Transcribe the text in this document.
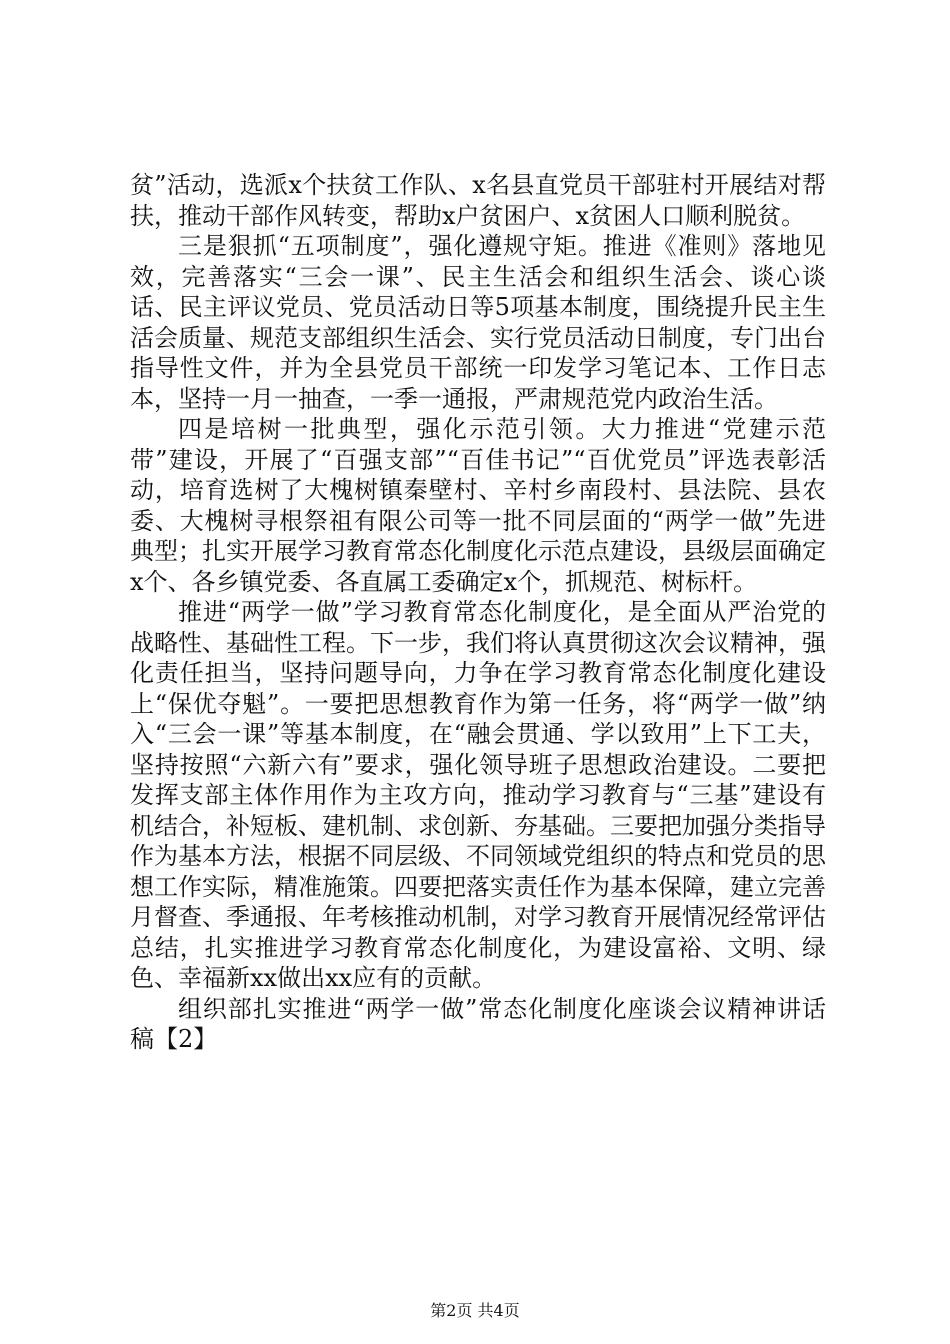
贫”活动，选派x个扶贫工作队、x名县直党员干部驻村开展结对帮扶，推动干部作风转变，帮助x户贫困户、x贫困人口顺利脱贫。

三是狠抓“五项制度”，强化遵规守矩。推进《准则》落地见效，完善落实“三会一课”、民主生活会和组织生活会、谈心谈话、民主评议党员、党员活动日等5项基本制度，围绕提升民主生活会质量、规范支部组织生活会、实行党员活动日制度，专门出台指导性文件，并为全县党员干部统一印发学习笔记本、工作日志本，坚持一月一抽查，一季一通报，严肃规范党内政治生活。

四是培树一批典型，强化示范引领。大力推进“党建示范带”建设，开展了“百强支部”“百佳书记”“百优党员”评选表彰活动，培育选树了大槐树镇秦壁村、辛村乡南段村、县法院、县农委、大槐树寻根祭祖有限公司等一批不同层面的“两学一做”先进典型；扎实开展学习教育常态化制度化示范点建设，县级层面确定x个、各乡镇党委、各直属工委确定x个，抓规范、树标杆。

推进“两学一做”学习教育常态化制度化，是全面从严治党的战略性、基础性工程。下一步，我们将认真贯彻这次会议精神，强化责任担当，坚持问题导向，力争在学习教育常态化制度化建设上“保优夺魁”。一要把思想教育作为第一任务，将“两学一做”纳入“三会一课”等基本制度，在“融会贯通、学以致用”上下工夫，坚持按照“六新六有”要求，强化领导班子思想政治建设。二要把发挥支部主体作用作为主攻方向，推动学习教育与“三基”建设有机结合，补短板、建机制、求创新、夯基础。三要把加强分类指导作为基本方法，根据不同层级、不同领域党组织的特点和党员的思想工作实际，精准施策。四要把落实责任作为基本保障，建立完善月督查、季通报、年考核推动机制，对学习教育开展情况经常评估总结，扎实推进学习教育常态化制度化，为建设富裕、文明、绿色、幸福新xx做出xx应有的贡献。

组织部扎实推进“两学一做”常态化制度化座谈会议精神讲话稿【2】

第2页 共4页
